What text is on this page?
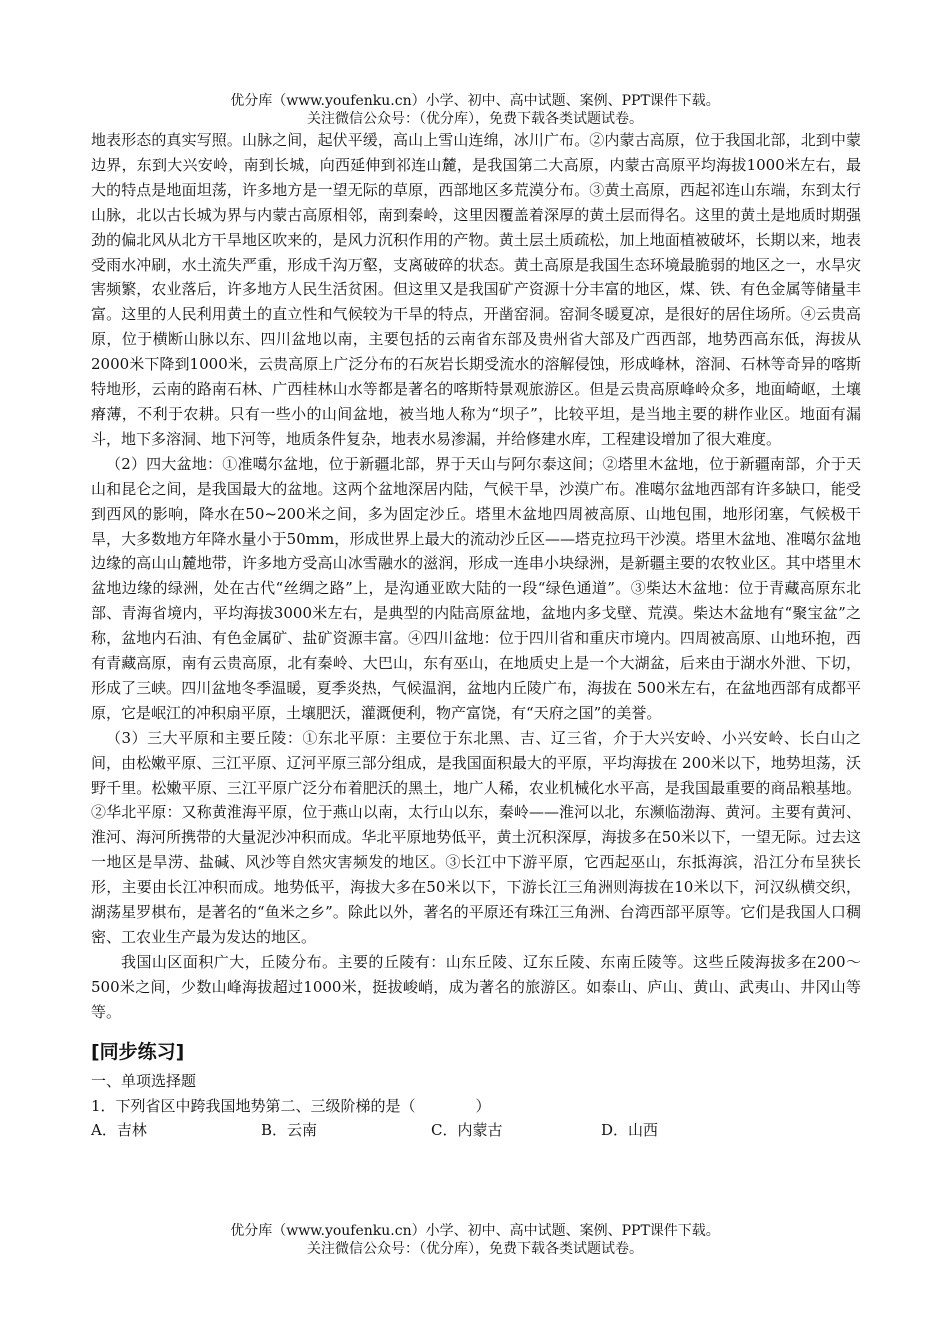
优分库（www.youfenku.cn）小学、初中、高中试题、案例、PPT课件下载。
关注微信公众号：（优分库），免费下载各类试题试卷。

地表形态的真实写照。山脉之间，起伏平缓，高山上雪山连绵，冰川广布。②内蒙古高原，位于我国北部，北到中蒙边界，东到大兴安岭，南到长城，向西延伸到祁连山麓，是我国第二大高原，内蒙古高原平均海拔1000米左右，最大的特点是地面坦荡，许多地方是一望无际的草原，西部地区多荒漠分布。③黄土高原，西起祁连山东端，东到太行山脉，北以古长城为界与内蒙古高原相邻，南到秦岭，这里因覆盖着深厚的黄土层而得名。这里的黄土是地质时期强劲的偏北风从北方干旱地区吹来的，是风力沉积作用的产物。黄土层土质疏松，加上地面植被破坏，长期以来，地表受雨水冲刷，水土流失严重，形成千沟万壑，支离破碎的状态。黄土高原是我国生态环境最脆弱的地区之一，水旱灾害频繁，农业落后，许多地方人民生活贫困。但这里又是我国矿产资源十分丰富的地区，煤、铁、有色金属等储量丰富。这里的人民利用黄土的直立性和气候较为干旱的特点，开凿窑洞。窑洞冬暖夏凉，是很好的居住场所。④云贵高原，位于横断山脉以东、四川盆地以南，主要包括的云南省东部及贵州省大部及广西西部，地势西高东低，海拔从2000米下降到1000米，云贵高原上广泛分布的石灰岩长期受流水的溶解侵蚀，形成峰林，溶洞、石林等奇异的喀斯特地形，云南的路南石林、广西桂林山水等都是著名的喀斯特景观旅游区。但是云贵高原峰岭众多，地面崎岖，土壤瘠薄，不利于农耕。只有一些小的山间盆地，被当地人称为“坝子”，比较平坦，是当地主要的耕作业区。地面有漏斗，地下多溶洞、地下河等，地质条件复杂，地表水易渗漏，并给修建水库，工程建设增加了很大难度。

（2）四大盆地：①准噶尔盆地，位于新疆北部，界于天山与阿尔泰这间；②塔里木盆地，位于新疆南部，介于天山和昆仑之间，是我国最大的盆地。这两个盆地深居内陆，气候干旱，沙漠广布。准噶尔盆地西部有许多缺口，能受到西风的影响，降水在50~200米之间，多为固定沙丘。塔里木盆地四周被高原、山地包围，地形闭塞，气候极干旱，大多数地方年降水量小于50mm，形成世界上最大的流动沙丘区——塔克拉玛干沙漠。塔里木盆地、准噶尔盆地边缘的高山山麓地带，许多地方受高山冰雪融水的滋润，形成一连串小块绿洲，是新疆主要的农牧业区。其中塔里木盆地边缘的绿洲，处在古代“丝绸之路”上，是沟通亚欧大陆的一段“绿色通道”。③柴达木盆地：位于青藏高原东北部、青海省境内，平均海拔3000米左右，是典型的内陆高原盆地，盆地内多戈壁、荒漠。柴达木盆地有“聚宝盆”之称，盆地内石油、有色金属矿、盐矿资源丰富。④四川盆地：位于四川省和重庆市境内。四周被高原、山地环抱，西有青藏高原，南有云贵高原，北有秦岭、大巴山，东有巫山，在地质史上是一个大湖盆，后来由于湖水外泄、下切，形成了三峡。四川盆地冬季温暖，夏季炎热，气候温润，盆地内丘陵广布，海拔在 500米左右，在盆地西部有成都平原，它是岷江的冲积扇平原，土壤肥沃，灌溉便利，物产富饶，有“天府之国”的美誉。

（3）三大平原和主要丘陵：①东北平原：主要位于东北黑、吉、辽三省，介于大兴安岭、小兴安岭、长白山之间，由松嫩平原、三江平原、辽河平原三部分组成，是我国面积最大的平原，平均海拔在 200米以下，地势坦荡，沃野千里。松嫩平原、三江平原广泛分布着肥沃的黑土，地广人稀，农业机械化水平高，是我国最重要的商品粮基地。②华北平原：又称黄淮海平原，位于燕山以南，太行山以东，秦岭——淮河以北，东濒临渤海、黄河。主要有黄河、淮河、海河所携带的大量泥沙冲积而成。华北平原地势低平，黄土沉积深厚，海拔多在50米以下，一望无际。过去这一地区是旱涝、盐碱、风沙等自然灾害频发的地区。③长江中下游平原，它西起巫山，东抵海滨，沿江分布呈狭长形，主要由长江冲积而成。地势低平，海拔大多在50米以下，下游长江三角洲则海拔在10米以下，河汉纵横交织，湖荡星罗棋布，是著名的“鱼米之乡”。除此以外，著名的平原还有珠江三角洲、台湾西部平原等。它们是我国人口稠密、工农业生产最为发达的地区。

我国山区面积广大，丘陵分布。主要的丘陵有：山东丘陵、辽东丘陵、东南丘陵等。这些丘陵海拔多在200～500米之间，少数山峰海拔超过1000米，挺拔峻峭，成为著名的旅游区。如泰山、庐山、黄山、武夷山、井冈山等等。

[同步练习]

一、单项选择题

1．下列省区中跨我国地势第二、三级阶梯的是（　　　　）

A．吉林	B．云南	C．内蒙古	D．山西
优分库（www.youfenku.cn）小学、初中、高中试题、案例、PPT课件下载。
关注微信公众号：（优分库），免费下载各类试题试卷。
